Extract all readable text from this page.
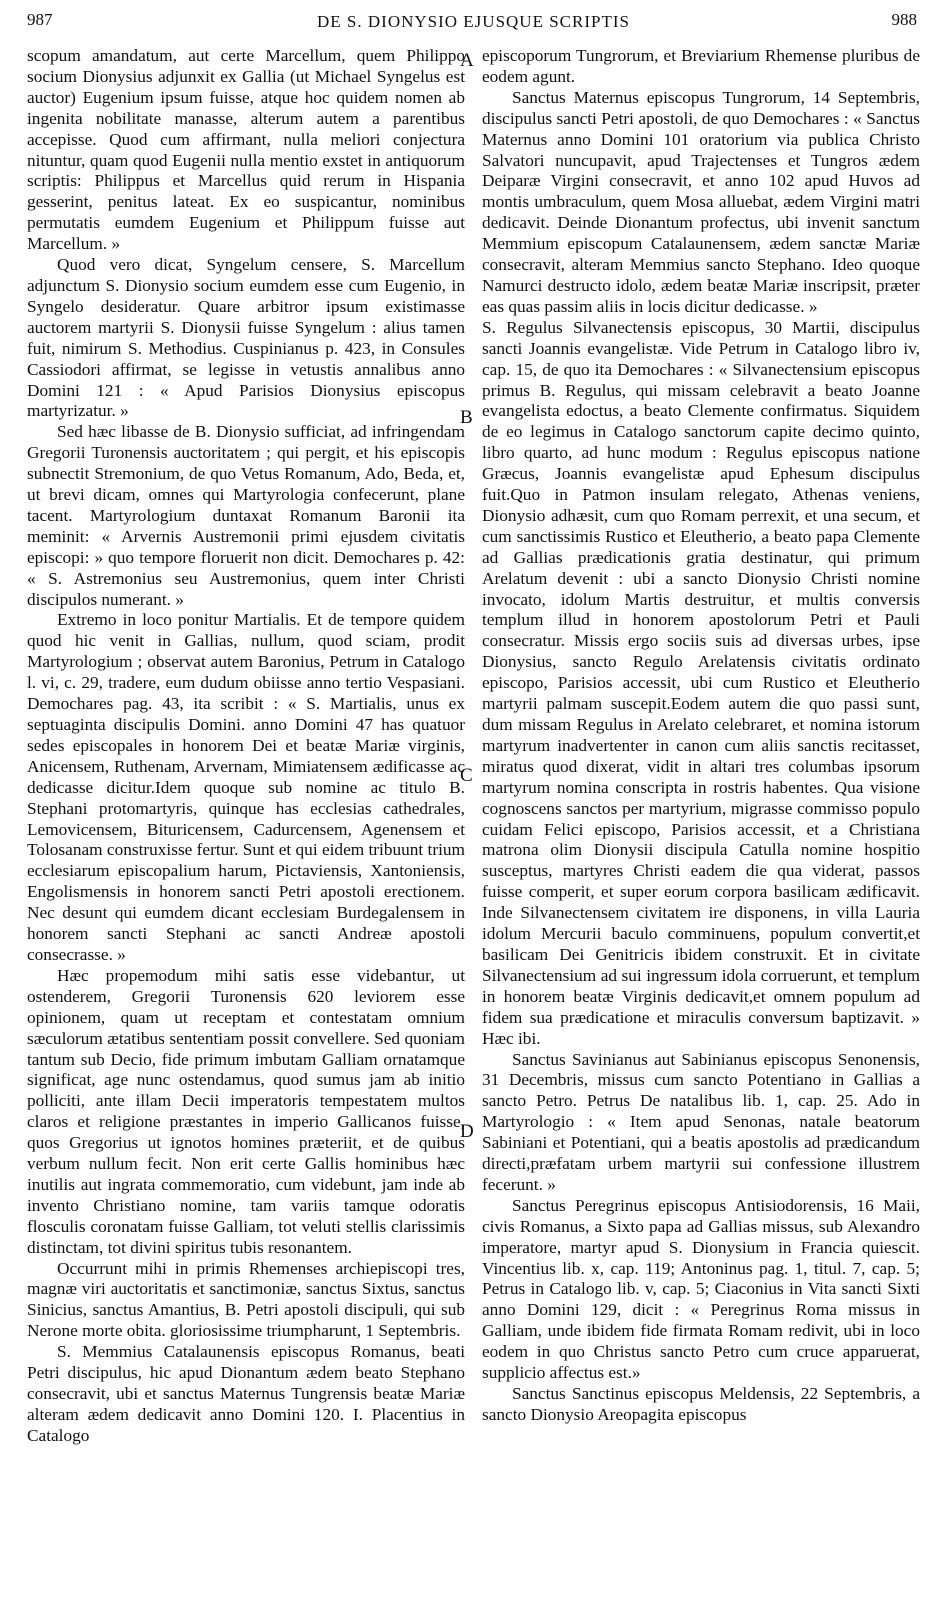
987	DE S. DIONYSIO EJUSQUE SCRIPTIS	988

scopum amandatum, aut certe Marcellum, quem Philippo socium Dionysius adjunxit ex Gallia (ut Michael Syngelus est auctor) Eugenium ipsum fuisse, atque hoc quidem nomen ab ingenita nobilitate manasse, alterum autem a parentibus accepisse. Quod cum affirmant, nulla meliori conjectura nituntur, quam quod Eugenii nulla mentio exstet in antiquorum scriptis: Philippus et Marcellus quid rerum in Hispania gesserint, penitus lateat. Ex eo suspicantur, nominibus permutatis eumdem Eugenium et Philippum fuisse aut Marcellum. »

Quod vero dicat, Syngelum censere, S. Marcellum adjunctum S. Dionysio socium eumdem esse cum Eugenio, in Syngelo desideratur. Quare arbitror ipsum existimasse auctorem martyrii S. Dionysii fuisse Syngelum : alius tamen fuit, nimirum S. Methodius. Cuspinianus p. 423, in Consules Cassiodori affirmat, se legisse in vetustis annalibus anno Domini 121 : « Apud Parisios Dionysius episcopus martyrizatur. »

Sed hæc libasse de B. Dionysio sufficiat, ad infringendam Gregorii Turonensis auctoritatem ; qui pergit, et his episcopis subnectit Stremonium, de quo Vetus Romanum, Ado, Beda, et, ut brevi dicam, omnes qui Martyrologia confecerunt, plane tacent. Martyrologium duntaxat Romanum Baronii ita meminit: « Arvernis Austremonii primi ejusdem civitatis episcopi: » quo tempore floruerit non dicit. Demochares p. 42: « S. Astremonius seu Austremonius, quem inter Christi discipulos numerant. »

Extremo in loco ponitur Martialis. Et de tempore quidem quod hic venit in Gallias, nullum, quod sciam, prodit Martyrologium ; observat autem Baronius, Petrum in Catalogo l. vi, c. 29, tradere, eum dudum obiisse anno tertio Vespasiani. Demochares pag. 43, ita scribit : « S. Martialis, unus ex septuaginta discipulis Domini. anno Domini 47 has quatuor sedes episcopales in honorem Dei et beatæ Mariæ virginis, Anicensem, Ruthenam, Arvernam, Mimiatensem ædificasse ac dedicasse dicitur.Idem quoque sub nomine ac titulo B. Stephani protomartyris, quinque has ecclesias cathedrales, Lemovicensem, Bituricensem, Cadurcensem, Agenensem et Tolosanam construxisse fertur. Sunt et qui eidem tribuunt trium ecclesiarum episcopalium harum, Pictaviensis, Xantoniensis, Engolismensis in honorem sancti Petri apostoli erectionem. Nec desunt qui eumdem dicant ecclesiam Burdegalensem in honorem sancti Stephani ac sancti Andreæ apostoli consecrasse. »

Hæc propemodum mihi satis esse videbantur, ut ostenderem, Gregorii Turonensis 620 leviorem esse opinionem, quam ut receptam et contestatam omnium sæculorum ætatibus sententiam possit convellere. Sed quoniam tantum sub Decio, fide primum imbutam Galliam ornatamque significat, age nunc ostendamus, quod sumus jam ab initio polliciti, ante illam Decii imperatoris tempestatem multos claros et religione præstantes in imperio Gallicanos fuisse, quos Gregorius ut ignotos homines præteriit, et de quibus verbum nullum fecit. Non erit certe Gallis hominibus hæc inutilis aut ingrata commemoratio, cum videbunt, jam inde ab invento Christiano nomine, tam variis tamque odoratis flosculis coronatam fuisse Galliam, tot veluti stellis clarissimis distinctam, tot divini spiritus tubis resonantem.

Occurrunt mihi in primis Rhemenses archiepiscopi tres, magnæ viri auctoritatis et sanctimoniæ, sanctus Sixtus, sanctus Sinicius, sanctus Amantius, B. Petri apostoli discipuli, qui sub Nerone morte obita. gloriosissime triumpharunt, 1 Septembris.

S. Memmius Catalaunensis episcopus Romanus, beati Petri discipulus, hic apud Dionantum ædem beato Stephano consecravit, ubi et sanctus Maternus Tungrensis beatæ Mariæ alteram ædem dedicavit anno Domini 120. I. Placentius in Catalogo

episcoporum Tungrorum, et Breviarium Rhemense pluribus de eodem agunt.

Sanctus Maternus episcopus Tungrorum, 14 Septembris, discipulus sancti Petri apostoli, de quo Demochares : « Sanctus Maternus anno Domini 101 oratorium via publica Christo Salvatori nuncupavit, apud Trajectenses et Tungros ædem Deiparæ Virgini consecravit, et anno 102 apud Huvos ad montis umbraculum, quem Mosa alluebat, ædem Virgini matri dedicavit. Deinde Dionantum profectus, ubi invenit sanctum Memmium episcopum Catalaunensem, ædem sanctæ Mariæ consecravit, alteram Memmius sancto Stephano. Ideo quoque Namurci destructo idolo, ædem beatæ Mariæ inscripsit, præter eas quas passim aliis in locis dicitur dedicasse. »

S. Regulus Silvanectensis episcopus, 30 Martii, discipulus sancti Joannis evangelistæ. Vide Petrum in Catalogo libro iv, cap. 15, de quo ita Demochares : « Silvanectensium episcopus primus B. Regulus, qui missam celebravit a beato Joanne evangelista edoctus, a beato Clemente confirmatus. Siquidem de eo legimus in Catalogo sanctorum capite decimo quinto, libro quarto, ad hunc modum : Regulus episcopus natione Græcus, Joannis evangelistæ apud Ephesum discipulus fuit.Quo in Patmon insulam relegato, Athenas veniens, Dionysio adhæsit, cum quo Romam perrexit, et una secum, et cum sanctissimis Rustico et Eleutherio, a beato papa Clemente ad Gallias prædicationis gratia destinatur, qui primum Arelatum devenit : ubi a sancto Dionysio Christi nomine invocato, idolum Martis destruitur, et multis conversis templum illud in honorem apostolorum Petri et Pauli consecratur. Missis ergo sociis suis ad diversas urbes, ipse Dionysius, sancto Regulo Arelatensis civitatis ordinato episcopo, Parisios accessit, ubi cum Rustico et Eleutherio martyrii palmam suscepit.Eodem autem die quo passi sunt, dum missam Regulus in Arelato celebraret, et nomina istorum martyrum inadvertenter in canon cum aliis sanctis recitasset, miratus quod dixerat, vidit in altari tres columbas ipsorum martyrum nomina conscripta in rostris habentes. Qua visione cognoscens sanctos per martyrium, migrasse commisso populo cuidam Felici episcopo, Parisios accessit, et a Christiana matrona olim Dionysii discipula Catulla nomine hospitio susceptus, martyres Christi eadem die qua viderat, passos fuisse comperit, et super eorum corpora basilicam ædificavit. Inde Silvanectensem civitatem ire disponens, in villa Lauria idolum Mercurii baculo comminuens, populum convertit,et basilicam Dei Genitricis ibidem construxit. Et in civitate Silvanectensium ad sui ingressum idola corruerunt, et templum in honorem beatæ Virginis dedicavit,et omnem populum ad fidem sua prædicatione et miraculis conversum baptizavit. » Hæc ibi.

Sanctus Savinianus aut Sabinianus episcopus Senonensis, 31 Decembris, missus cum sancto Potentiano in Gallias a sancto Petro. Petrus De natalibus lib. 1, cap. 25. Ado in Martyrologio : « Item apud Senonas, natale beatorum Sabiniani et Potentiani, qui a beatis apostolis ad prædicandum directi,præfatam urbem martyrii sui confessione illustrem fecerunt. »

Sanctus Peregrinus episcopus Antisiodorensis, 16 Maii, civis Romanus, a Sixto papa ad Gallias missus, sub Alexandro imperatore, martyr apud S. Dionysium in Francia quiescit. Vincentius lib. x, cap. 119; Antoninus pag. 1, titul. 7, cap. 5; Petrus in Catalogo lib. v, cap. 5; Ciaconius in Vita sancti Sixti anno Domini 129, dicit : « Peregrinus Roma missus in Galliam, unde ibidem fide firmata Romam redivit, ubi in loco eodem in quo Christus sancto Petro cum cruce apparuerat, supplicio affectus est.»

Sanctus Sanctinus episcopus Meldensis, 22 Septembris, a sancto Dionysio Areopagita episcopus

A
B
C
D
